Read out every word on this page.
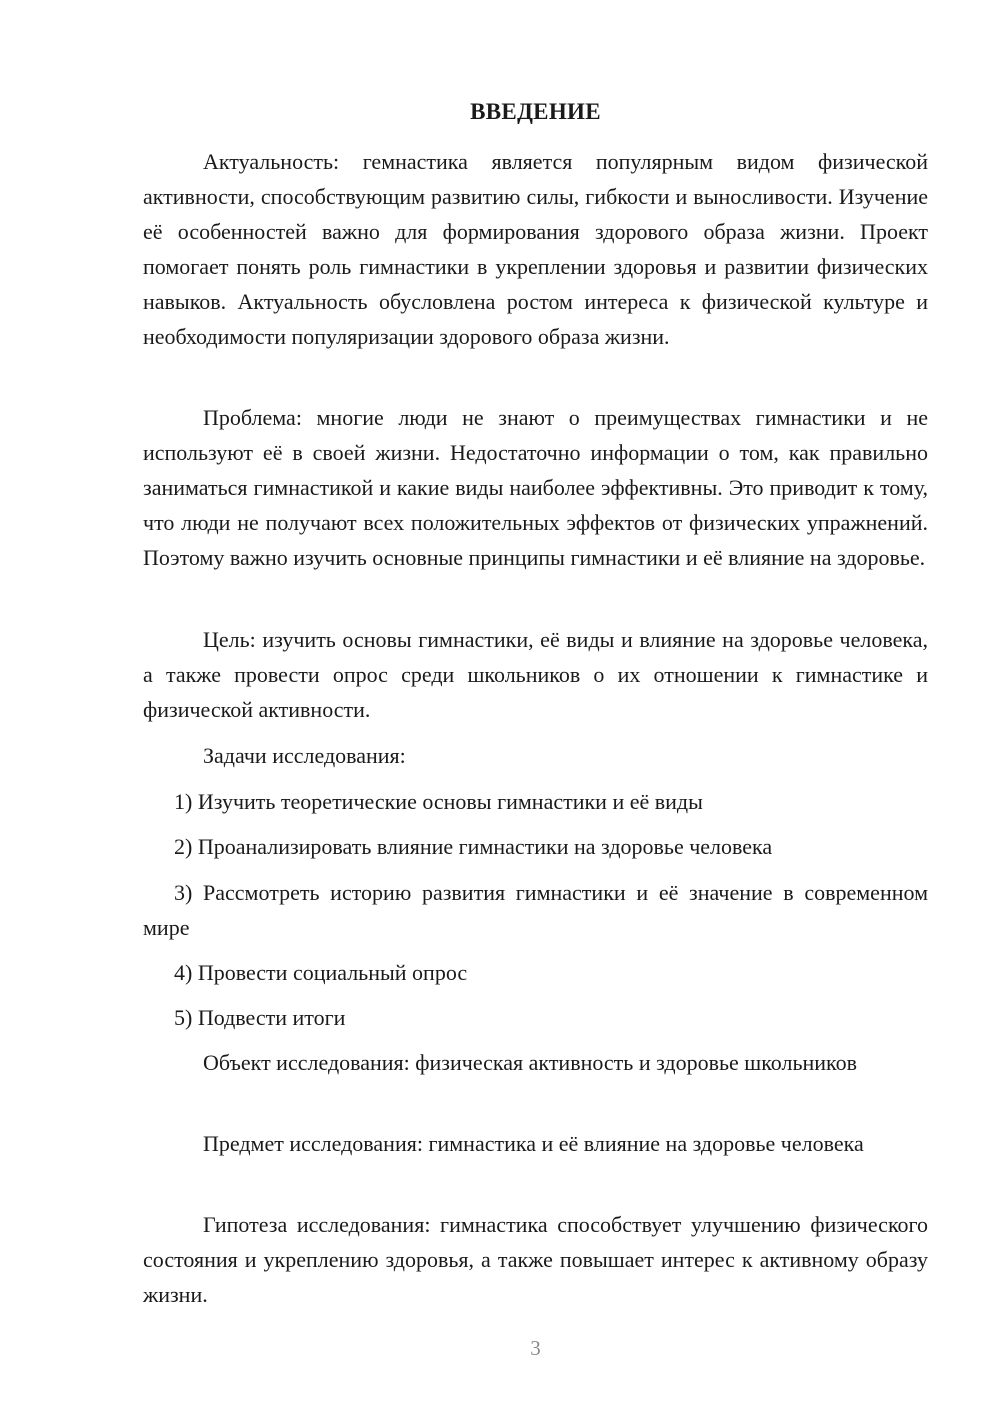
ВВЕДЕНИЕ

Актуальность: гемнастика является популярным видом физической активности, способствующим развитию силы, гибкости и выносливости. Изучение её особенностей важно для формирования здорового образа жизни. Проект помогает понять роль гимнастики в укреплении здоровья и развитии физических навыков. Актуальность обусловлена ростом интереса к физической культуре и необходимости популяризации здорового образа жизни.

Проблема: многие люди не знают о преимуществах гимнастики и не используют её в своей жизни. Недостаточно информации о том, как правильно заниматься гимнастикой и какие виды наиболее эффективны. Это приводит к тому, что люди не получают всех положительных эффектов от физических упражнений. Поэтому важно изучить основные принципы гимнастики и её влияние на здоровье.

Цель: изучить основы гимнастики, её виды и влияние на здоровье человека, а также провести опрос среди школьников о их отношении к гимнастике и физической активности.

Задачи исследования:

1) Изучить теоретические основы гимнастики и её виды

2) Проанализировать влияние гимнастики на здоровье человека

3) Рассмотреть историю развития гимнастики и её значение в современном мире

4) Провести социальный опрос

5) Подвести итоги

Объект исследования: физическая активность и здоровье школьников

Предмет исследования: гимнастика и её влияние на здоровье человека

Гипотеза исследования: гимнастика способствует улучшению физического состояния и укреплению здоровья, а также повышает интерес к активному образу жизни.

3
